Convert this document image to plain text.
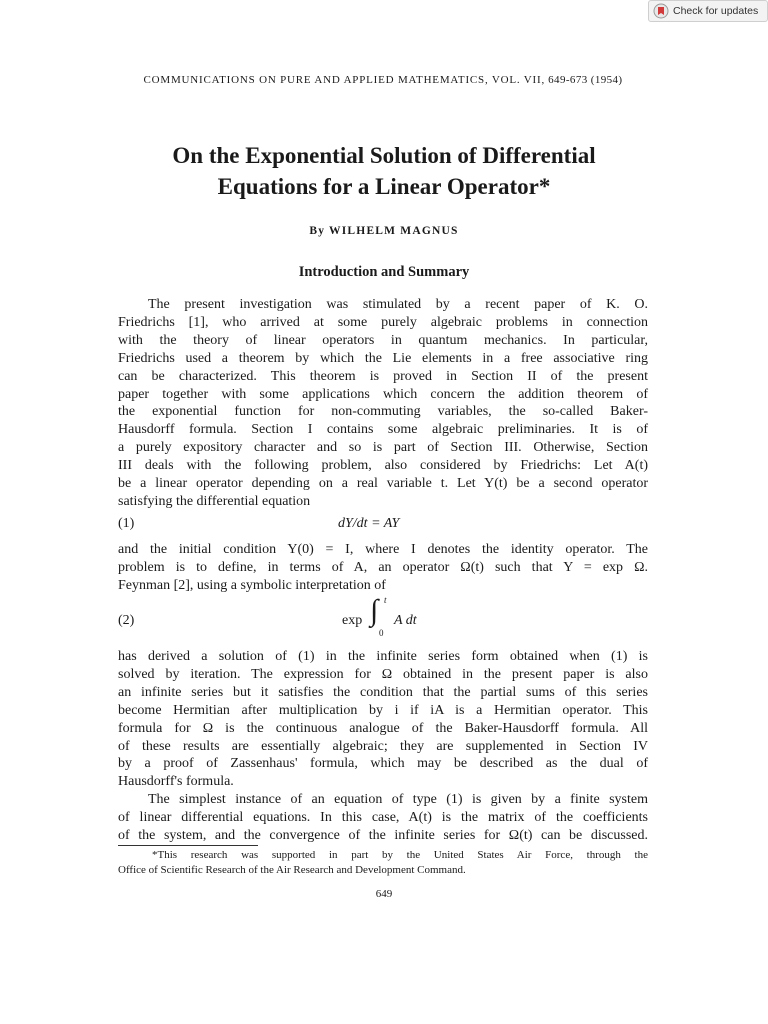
Check for updates
COMMUNICATIONS ON PURE AND APPLIED MATHEMATICS, VOL. VII, 649-673 (1954)
On the Exponential Solution of Differential
Equations for a Linear Operator*
By WILHELM MAGNUS
Introduction and Summary

The present investigation was stimulated by a recent paper of K. O.
Friedrichs [1], who arrived at some purely algebraic problems in connection
with the theory of linear operators in quantum mechanics. In particular,
Friedrichs used a theorem by which the Lie elements in a free associative ring
can be characterized. This theorem is proved in Section II of the present
paper together with some applications which concern the addition theorem of
the exponential function for non-commuting variables, the so-called Baker-
Hausdorff formula. Section I contains some algebraic preliminaries. It is of
a purely expository character and so is part of Section III. Otherwise, Section
III deals with the following problem, also considered by Friedrichs: Let A(t)
be a linear operator depending on a real variable t. Let Y(t) be a second operator
satisfying the differential equation

(1)	dY/dt = AY

and the initial condition Y(0) = I, where I denotes the identity operator. The
problem is to define, in terms of A, an operator Ω(t) such that Y = exp Ω.
Feynman [2], using a symbolic interpretation of

(2)	exp ∫ t
0
A dt

has derived a solution of (1) in the infinite series form obtained when (1) is
solved by iteration. The expression for Ω obtained in the present paper is also
an infinite series but it satisfies the condition that the partial sums of this series
become Hermitian after multiplication by i if iA is a Hermitian operator. This
formula for Ω is the continuous analogue of the Baker-Hausdorff formula. All
of these results are essentially algebraic; they are supplemented in Section IV
by a proof of Zassenhaus' formula, which may be described as the dual of
Hausdorff's formula.
The simplest instance of an equation of type (1) is given by a finite system
of linear differential equations. In this case, A(t) is the matrix of the coefficients
of the system, and the convergence of the infinite series for Ω(t) can be discussed.

*This research was supported in part by the United States Air Force, through the
Office of Scientific Research of the Air Research and Development Command.

649
